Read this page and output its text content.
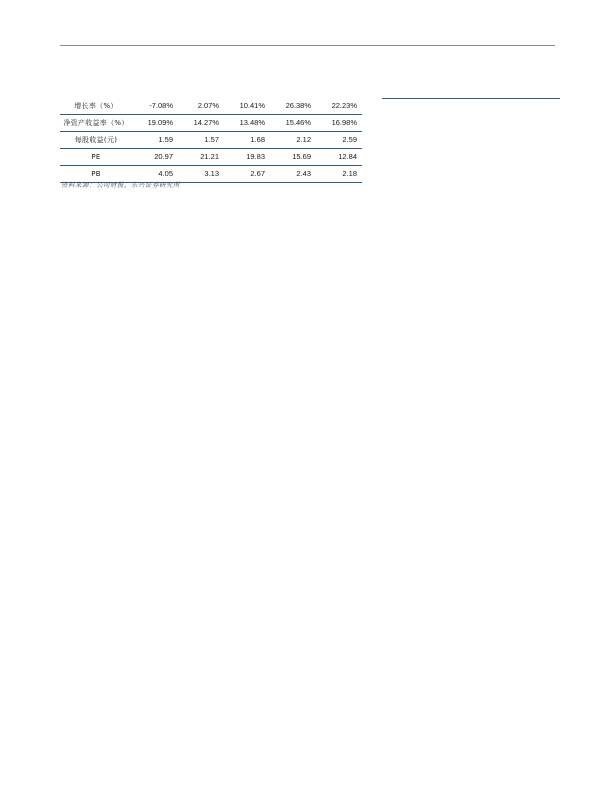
增长率（%）	-7.08%	2.07%	10.41%	26.38%	22.23%
净资产收益率（%）	19.09%	14.27%	13.48%	15.46%	16.98%
每股收益(元)	1.59	1.57	1.68	2.12	2.59
PE	20.97	21.21	19.83	15.69	12.84
PB	4.05	3.13	2.67	2.43	2.18
资料来源：公司财报，东兴证券研究所
